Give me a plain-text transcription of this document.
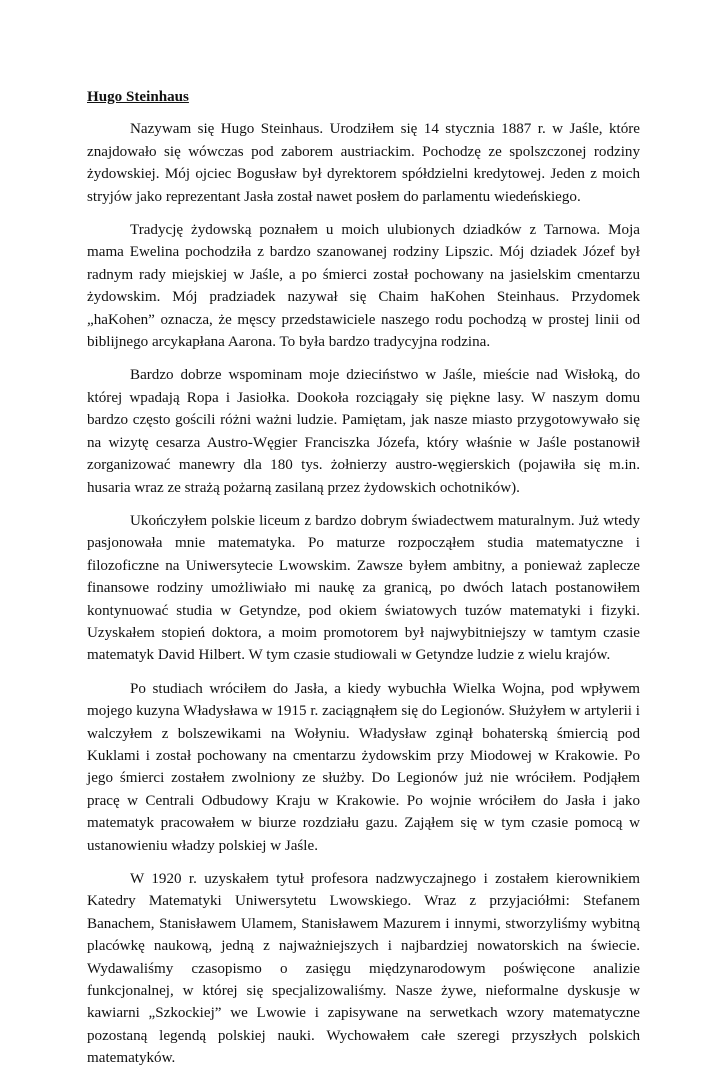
Hugo Steinhaus

Nazywam się Hugo Steinhaus. Urodziłem się 14 stycznia 1887 r. w Jaśle, które znajdowało się wówczas pod zaborem austriackim. Pochodzę ze spolszczonej rodziny żydowskiej. Mój ojciec Bogusław był dyrektorem spółdzielni kredytowej. Jeden z moich stryjów jako reprezentant Jasła został nawet posłem do parlamentu wiedeńskiego.

Tradycję żydowską poznałem u moich ulubionych dziadków z Tarnowa. Moja mama Ewelina pochodziła z bardzo szanowanej rodziny Lipszic. Mój dziadek Józef był radnym rady miejskiej w Jaśle, a po śmierci został pochowany na jasielskim cmentarzu żydowskim. Mój pradziadek nazywał się Chaim haKohen Steinhaus. Przydomek „haKohen” oznacza, że męscy przedstawiciele naszego rodu pochodzą w prostej linii od biblijnego arcykapłana Aarona. To była bardzo tradycyjna rodzina.

Bardzo dobrze wspominam moje dzieciństwo w Jaśle, mieście nad Wisłoką, do której wpadają Ropa i Jasiołka. Dookoła rozciągały się piękne lasy. W naszym domu bardzo często gościli różni ważni ludzie. Pamiętam, jak nasze miasto przygotowywało się na wizytę cesarza Austro-Węgier Franciszka Józefa, który właśnie w Jaśle postanowił zorganizować manewry dla 180 tys. żołnierzy austro-węgierskich (pojawiła się m.in. husaria wraz ze strażą pożarną zasilaną przez żydowskich ochotników).

Ukończyłem polskie liceum z bardzo dobrym świadectwem maturalnym. Już wtedy pasjonowała mnie matematyka. Po maturze rozpocząłem studia matematyczne i filozoficzne na Uniwersytecie Lwowskim. Zawsze byłem ambitny, a ponieważ zaplecze finansowe rodziny umożliwiało mi naukę za granicą, po dwóch latach postanowiłem kontynuować studia w Getyndze, pod okiem światowych tuzów matematyki i fizyki. Uzyskałem stopień doktora, a moim promotorem był najwybitniejszy w tamtym czasie matematyk David Hilbert. W tym czasie studiowali w Getyndze ludzie z wielu krajów.

Po studiach wróciłem do Jasła, a kiedy wybuchła Wielka Wojna, pod wpływem mojego kuzyna Władysława w 1915 r. zaciągnąłem się do Legionów. Służyłem w artylerii i walczyłem z bolszewikami na Wołyniu. Władysław zginął bohaterską śmiercią pod Kuklami i został pochowany na cmentarzu żydowskim przy Miodowej w Krakowie. Po jego śmierci zostałem zwolniony ze służby. Do Legionów już nie wróciłem. Podjąłem pracę w Centrali Odbudowy Kraju w Krakowie. Po wojnie wróciłem do Jasła i jako matematyk pracowałem w biurze rozdziału gazu. Zająłem się w tym czasie pomocą w ustanowieniu władzy polskiej w Jaśle.

W 1920 r. uzyskałem tytuł profesora nadzwyczajnego i zostałem kierownikiem Katedry Matematyki Uniwersytetu Lwowskiego. Wraz z przyjaciółmi: Stefanem Banachem, Stanisławem Ulamem, Stanisławem Mazurem i innymi, stworzyliśmy wybitną placówkę naukową, jedną z najważniejszych i najbardziej nowatorskich na świecie. Wydawaliśmy czasopismo o zasięgu międzynarodowym poświęcone analizie funkcjonalnej, w której się specjalizowaliśmy. Nasze żywe, nieformalne dyskusje w kawiarni „Szkockiej” we Lwowie i zapisywane na serwetkach wzory matematyczne pozostaną legendą polskiej nauki. Wychowałem całe szeregi przyszłych polskich matematyków.
